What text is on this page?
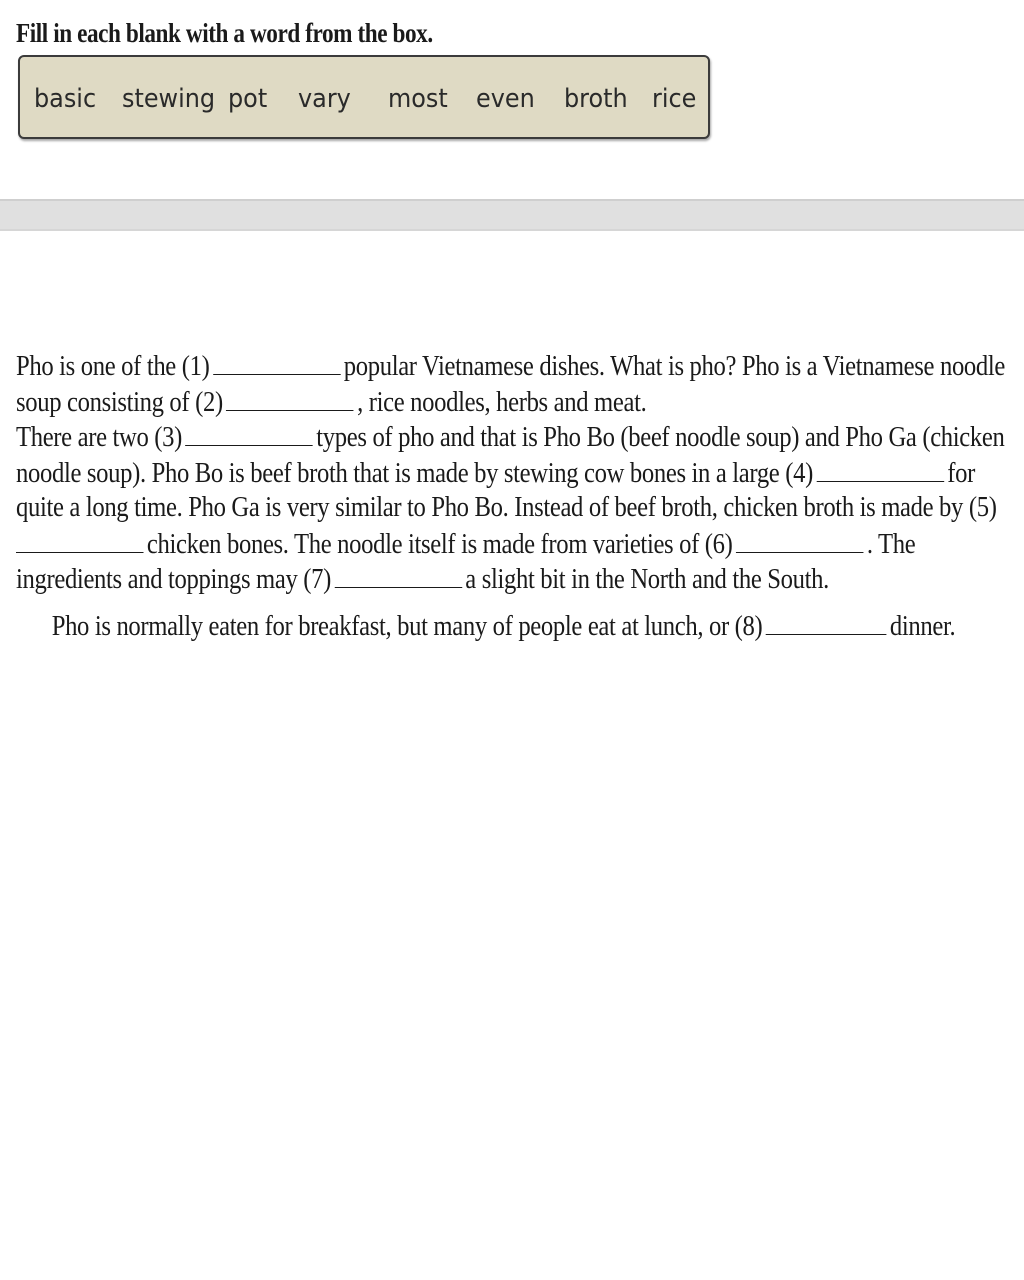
Fill in each blank with a word from the box.
basic stewing pot vary most even broth rice
Pho is one of the (1)	popular Vietnamese dishes. What is pho? Pho is a Vietnamese noodle
soup consisting of (2)	, rice noodles, herbs and meat.
There are two (3)	types of pho and that is Pho Bo (beef noodle soup) and Pho Ga (chicken
noodle soup). Pho Bo is beef broth that is made by stewing cow bones in a large (4)	for
quite a long time. Pho Ga is very similar to Pho Bo. Instead of beef broth, chicken broth is made by (5)
chicken bones. The noodle itself is made from varieties of (6)	. The
ingredients and toppings may (7)	a slight bit in the North and the South.
Pho is normally eaten for breakfast, but many of people eat at lunch, or (8)	dinner.
